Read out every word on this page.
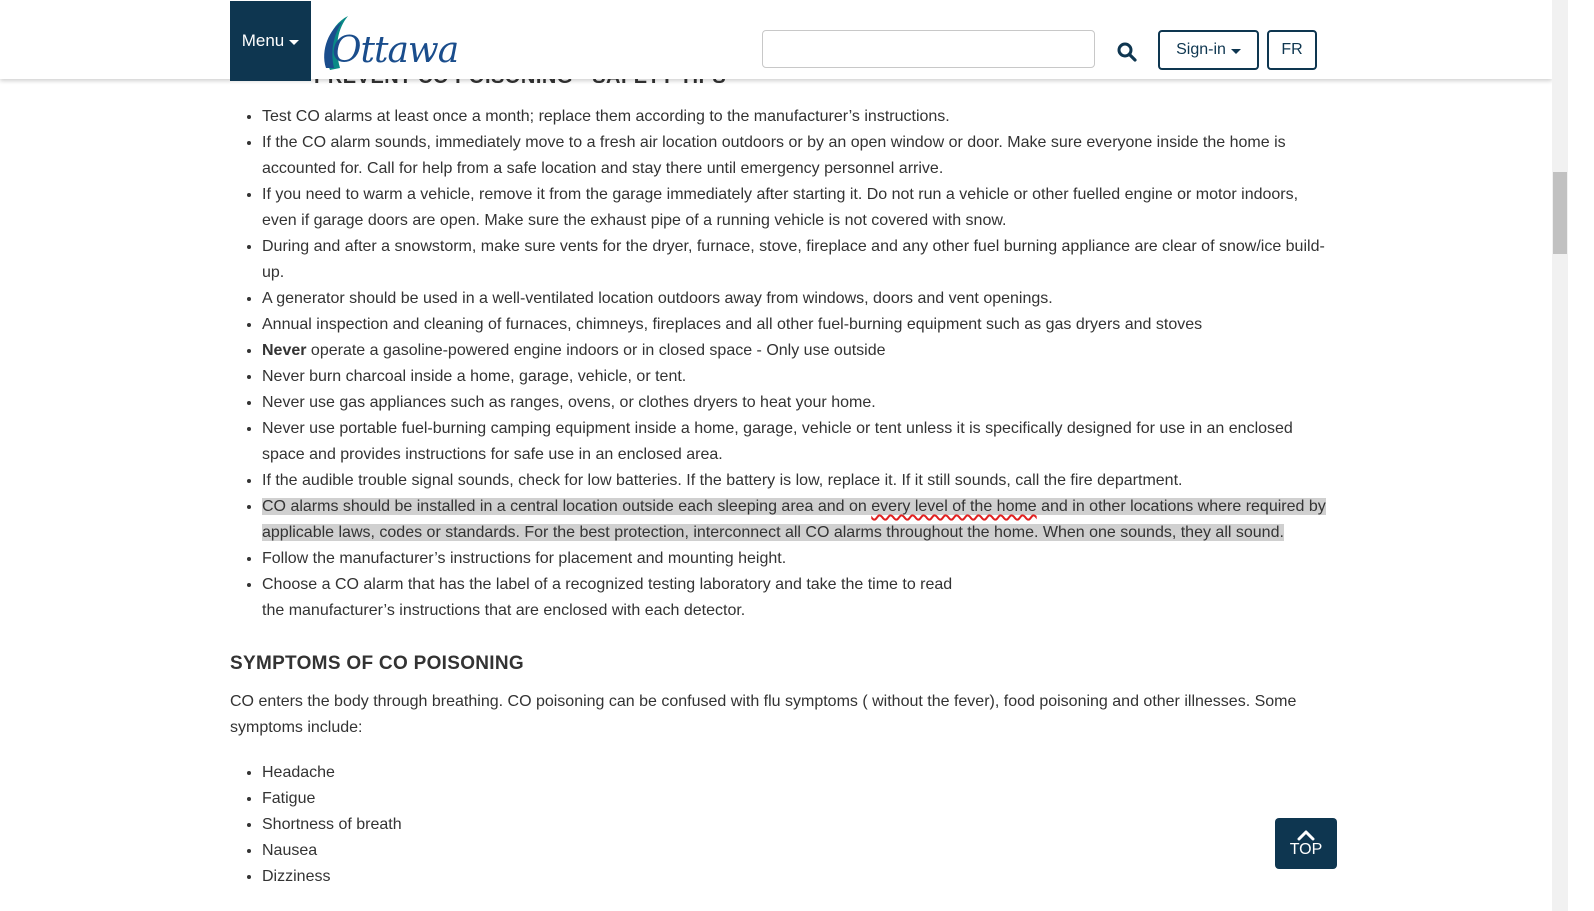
• Test CO alarms at least once a month; replace them according to the manufacturer’s instructions.
• If the CO alarm sounds, immediately move to a fresh air location outdoors or by an open window or door. Make sure everyone inside the home is accounted for. Call for help from a safe location and stay there until emergency personnel arrive.
• If you need to warm a vehicle, remove it from the garage immediately after starting it. Do not run a vehicle or other fuelled engine or motor indoors, even if garage doors are open. Make sure the exhaust pipe of a running vehicle is not covered with snow.
• During and after a snowstorm, make sure vents for the dryer, furnace, stove, fireplace and any other fuel burning appliance are clear of snow/ice build-up.
• A generator should be used in a well-ventilated location outdoors away from windows, doors and vent openings.
• Annual inspection and cleaning of furnaces, chimneys, fireplaces and all other fuel-burning equipment such as gas dryers and stoves
• Never operate a gasoline-powered engine indoors or in closed space - Only use outside
• Never burn charcoal inside a home, garage, vehicle, or tent.
• Never use gas appliances such as ranges, ovens, or clothes dryers to heat your home.
• Never use portable fuel-burning camping equipment inside a home, garage, vehicle or tent unless it is specifically designed for use in an enclosed space and provides instructions for safe use in an enclosed area.
• If the audible trouble signal sounds, check for low batteries. If the battery is low, replace it. If it still sounds, call the fire department.
• CO alarms should be installed in a central location outside each sleeping area and on every level of the home and in other locations where required by applicable laws, codes or standards. For the best protection, interconnect all CO alarms throughout the home. When one sounds, they all sound.
• Follow the manufacturer’s instructions for placement and mounting height.
• Choose a CO alarm that has the label of a recognized testing laboratory and take the time to read
the manufacturer’s instructions that are enclosed with each detector.
SYMPTOMS OF CO POISONING

CO enters the body through breathing. CO poisoning can be confused with flu symptoms ( without the fever), food poisoning and other illnesses. Some symptoms include:

• Headache
• Fatigue
• Shortness of breath
• Nausea
• Dizziness
Menu Ottawa	Sign-in	FR
TOP
